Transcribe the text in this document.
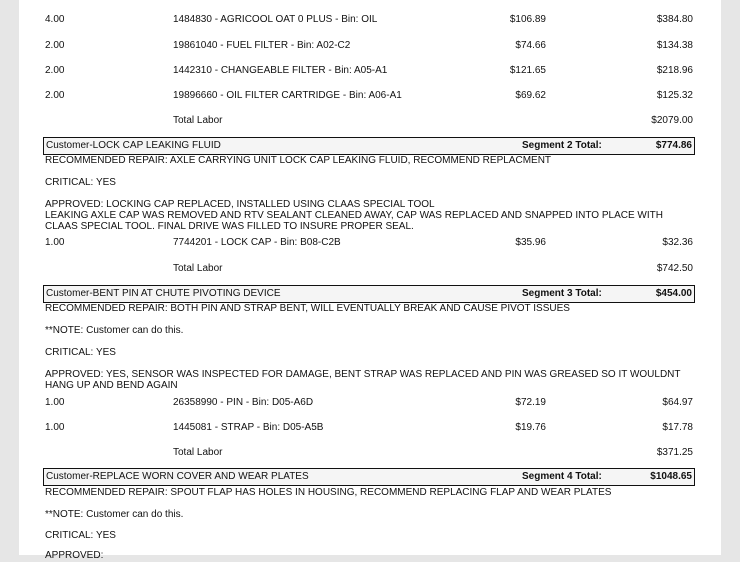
4.00	1484830 - AGRICOOL OAT 0 PLUS - Bin: OIL	$106.89	$384.80
2.00	19861040 - FUEL FILTER - Bin: A02-C2	$74.66	$134.38
2.00	1442310 - CHANGEABLE FILTER - Bin: A05-A1	$121.65	$218.96
2.00	19896660 - OIL FILTER CARTRIDGE - Bin: A06-A1	$69.62	$125.32
Total Labor	$2079.00
Customer-LOCK CAP LEAKING FLUID	Segment 2 Total:	$774.86
RECOMMENDED REPAIR: AXLE CARRYING UNIT LOCK CAP LEAKING FLUID, RECOMMEND REPLACMENT
CRITICAL: YES
APPROVED: LOCKING CAP REPLACED, INSTALLED USING CLAAS SPECIAL TOOL
LEAKING AXLE CAP WAS REMOVED AND RTV SEALANT CLEANED AWAY, CAP WAS REPLACED AND SNAPPED INTO PLACE WITH CLAAS SPECIAL TOOL. FINAL DRIVE WAS FILLED TO INSURE PROPER SEAL.
1.00	7744201 - LOCK CAP - Bin: B08-C2B	$35.96	$32.36
Total Labor	$742.50
Customer-BENT PIN AT CHUTE PIVOTING DEVICE	Segment 3 Total:	$454.00
RECOMMENDED REPAIR: BOTH PIN AND STRAP BENT, WILL EVENTUALLY BREAK AND CAUSE PIVOT ISSUES
**NOTE: Customer can do this.
CRITICAL: YES
APPROVED: YES, SENSOR WAS INSPECTED FOR DAMAGE, BENT STRAP WAS REPLACED AND PIN WAS GREASED SO IT WOULDNT HANG UP AND BEND AGAIN
1.00	26358990 - PIN - Bin: D05-A6D	$72.19	$64.97
1.00	1445081 - STRAP - Bin: D05-A5B	$19.76	$17.78
Total Labor	$371.25
Customer-REPLACE WORN COVER AND WEAR PLATES	Segment 4 Total:	$1048.65
RECOMMENDED REPAIR: SPOUT FLAP HAS HOLES IN HOUSING, RECOMMEND REPLACING FLAP AND WEAR PLATES
**NOTE: Customer can do this.
CRITICAL: YES
APPROVED:
